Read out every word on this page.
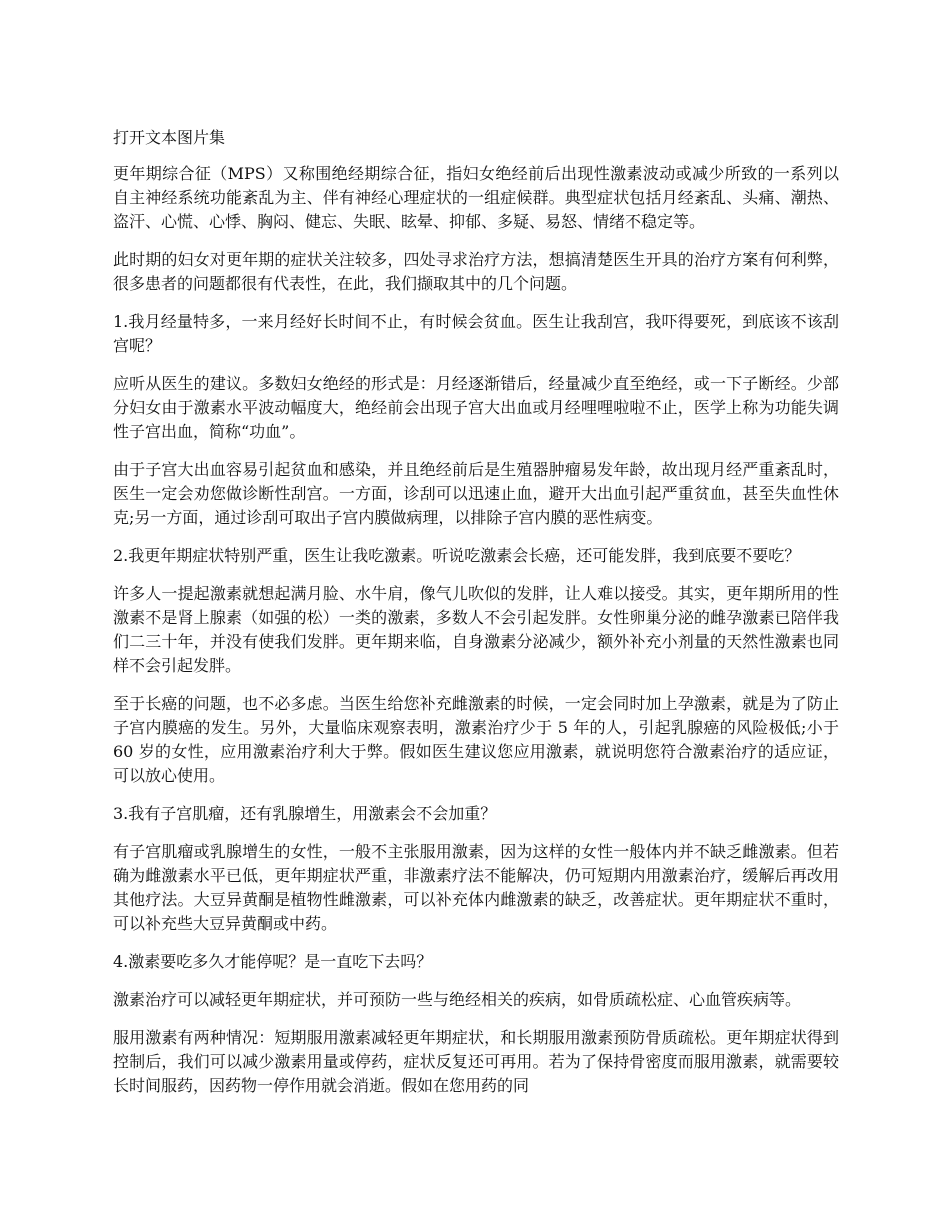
打开文本图片集

更年期综合征（MPS）又称围绝经期综合征，指妇女绝经前后出现性激素波动或减少所致的一系列以自主神经系统功能紊乱为主、伴有神经心理症状的一组症候群。典型症状包括月经紊乱、头痛、潮热、盗汗、心慌、心悸、胸闷、健忘、失眠、眩晕、抑郁、多疑、易怒、情绪不稳定等。

此时期的妇女对更年期的症状关注较多，四处寻求治疗方法，想搞清楚医生开具的治疗方案有何利弊，很多患者的问题都很有代表性，在此，我们撷取其中的几个问题。

1.我月经量特多，一来月经好长时间不止，有时候会贫血。医生让我刮宫，我吓得要死，到底该不该刮宫呢？

应听从医生的建议。多数妇女绝经的形式是：月经逐渐错后，经量减少直至绝经，或一下子断经。少部分妇女由于激素水平波动幅度大，绝经前会出现子宫大出血或月经哩哩啦啦不止，医学上称为功能失调性子宫出血，简称“功血”。

由于子宫大出血容易引起贫血和感染，并且绝经前后是生殖器肿瘤易发年龄，故出现月经严重紊乱时，医生一定会劝您做诊断性刮宫。一方面，诊刮可以迅速止血，避开大出血引起严重贫血，甚至失血性休克;另一方面，通过诊刮可取出子宫内膜做病理，以排除子宫内膜的恶性病变。

2.我更年期症状特别严重，医生让我吃激素。听说吃激素会长癌，还可能发胖，我到底要不要吃？

许多人一提起激素就想起满月脸、水牛肩，像气儿吹似的发胖，让人难以接受。其实，更年期所用的性激素不是肾上腺素（如强的松）一类的激素，多数人不会引起发胖。女性卵巢分泌的雌孕激素已陪伴我们二三十年，并没有使我们发胖。更年期来临，自身激素分泌减少，额外补充小剂量的天然性激素也同样不会引起发胖。

至于长癌的问题，也不必多虑。当医生给您补充雌激素的时候，一定会同时加上孕激素，就是为了防止子宫内膜癌的发生。另外，大量临床观察表明，激素治疗少于 5 年的人，引起乳腺癌的风险极低;小于 60 岁的女性，应用激素治疗利大于弊。假如医生建议您应用激素，就说明您符合激素治疗的适应证，可以放心使用。

3.我有子宫肌瘤，还有乳腺增生，用激素会不会加重？

有子宫肌瘤或乳腺增生的女性，一般不主张服用激素，因为这样的女性一般体内并不缺乏雌激素。但若确为雌激素水平已低，更年期症状严重，非激素疗法不能解决，仍可短期内用激素治疗，缓解后再改用其他疗法。大豆异黄酮是植物性雌激素，可以补充体内雌激素的缺乏，改善症状。更年期症状不重时，可以补充些大豆异黄酮或中药。

4.激素要吃多久才能停呢？是一直吃下去吗？

激素治疗可以减轻更年期症状，并可预防一些与绝经相关的疾病，如骨质疏松症、心血管疾病等。

服用激素有两种情况：短期服用激素减轻更年期症状，和长期服用激素预防骨质疏松。更年期症状得到控制后，我们可以减少激素用量或停药，症状反复还可再用。若为了保持骨密度而服用激素，就需要较长时间服药，因药物一停作用就会消逝。假如在您用药的同
